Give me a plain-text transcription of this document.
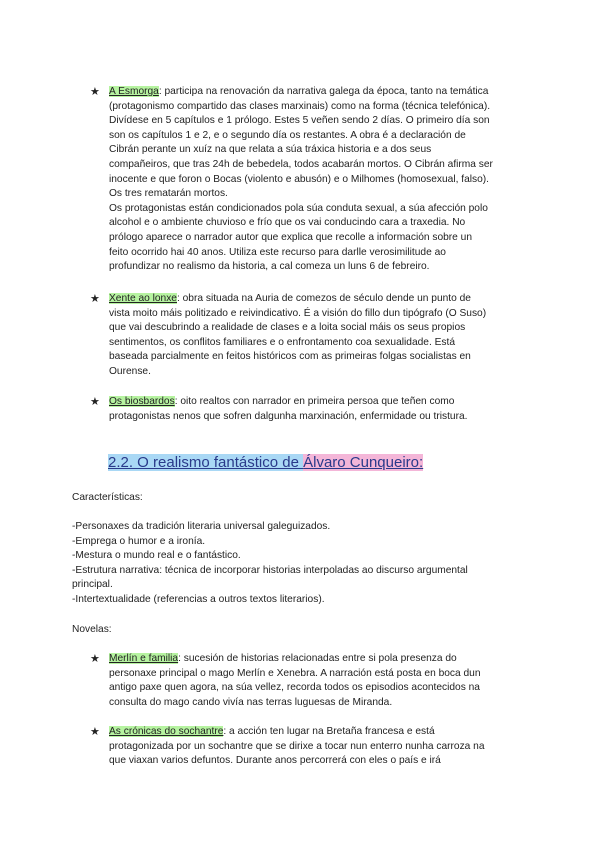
★ A Esmorga: participa na renovación da narrativa galega da época, tanto na temática

(protagonismo compartido das clases marxinais) como na forma (técnica telefónica).

Divídese en 5 capítulos e 1 prólogo. Estes 5 veñen sendo 2 días. O primeiro día son

son os capítulos 1 e 2, e o segundo día os restantes. A obra é a declaración de

Cibrán perante un xuíz na que relata a súa tráxica historia e a dos seus

compañeiros, que tras 24h de bebedela, todos acabarán mortos. O Cibrán afirma ser

inocente e que foron o Bocas (violento e abusón) e o Milhomes (homosexual, falso).

Os tres rematarán mortos.

Os protagonistas están condicionados pola súa conduta sexual, a súa afección polo

alcohol e o ambiente chuvioso e frío que os vai conducindo cara a traxedia. No

prólogo aparece o narrador autor que explica que recolle a información sobre un

feito ocorrido hai 40 anos. Utiliza este recurso para darlle verosimilitude ao

profundizar no realismo da historia, a cal comeza un luns 6 de febreiro.

★ Xente ao lonxe: obra situada na Auria de comezos de século dende un punto de

vista moito máis politizado e reivindicativo. É a visión do fillo dun tipógrafo (O Suso)

que vai descubrindo a realidade de clases e a loita social máis os seus propios

sentimentos, os conflitos familiares e o enfrontamento coa sexualidade. Está

baseada parcialmente en feitos históricos com as primeiras folgas socialistas en

Ourense.

★ Os biosbardos: oito realtos con narrador en primeira persoa que teñen como

protagonistas nenos que sofren dalgunha marxinación, enfermidade ou tristura.

2.2. O realismo fantástico de Álvaro Cunqueiro:
Características:

-Personaxes da tradición literaria universal galeguizados.

-Emprega o humor e a ironía.

-Mestura o mundo real e o fantástico.

-Estrutura narrativa: técnica de incorporar historias interpoladas ao discurso argumental

principal.

-Intertextualidade (referencias a outros textos literarios).

Novelas:
★ Merlín e familia: sucesión de historias relacionadas entre si pola presenza do

personaxe principal o mago Merlín e Xenebra. A narración está posta en boca dun

antigo paxe quen agora, na súa vellez, recorda todos os episodios acontecidos na

consulta do mago cando vivía nas terras luguesas de Miranda.

★ As crónicas do sochantre: a acción ten lugar na Bretaña francesa e está

protagonizada por un sochantre que se dirixe a tocar nun enterro nunha carroza na

que viaxan varios defuntos. Durante anos percorrerá con eles o país e irá
